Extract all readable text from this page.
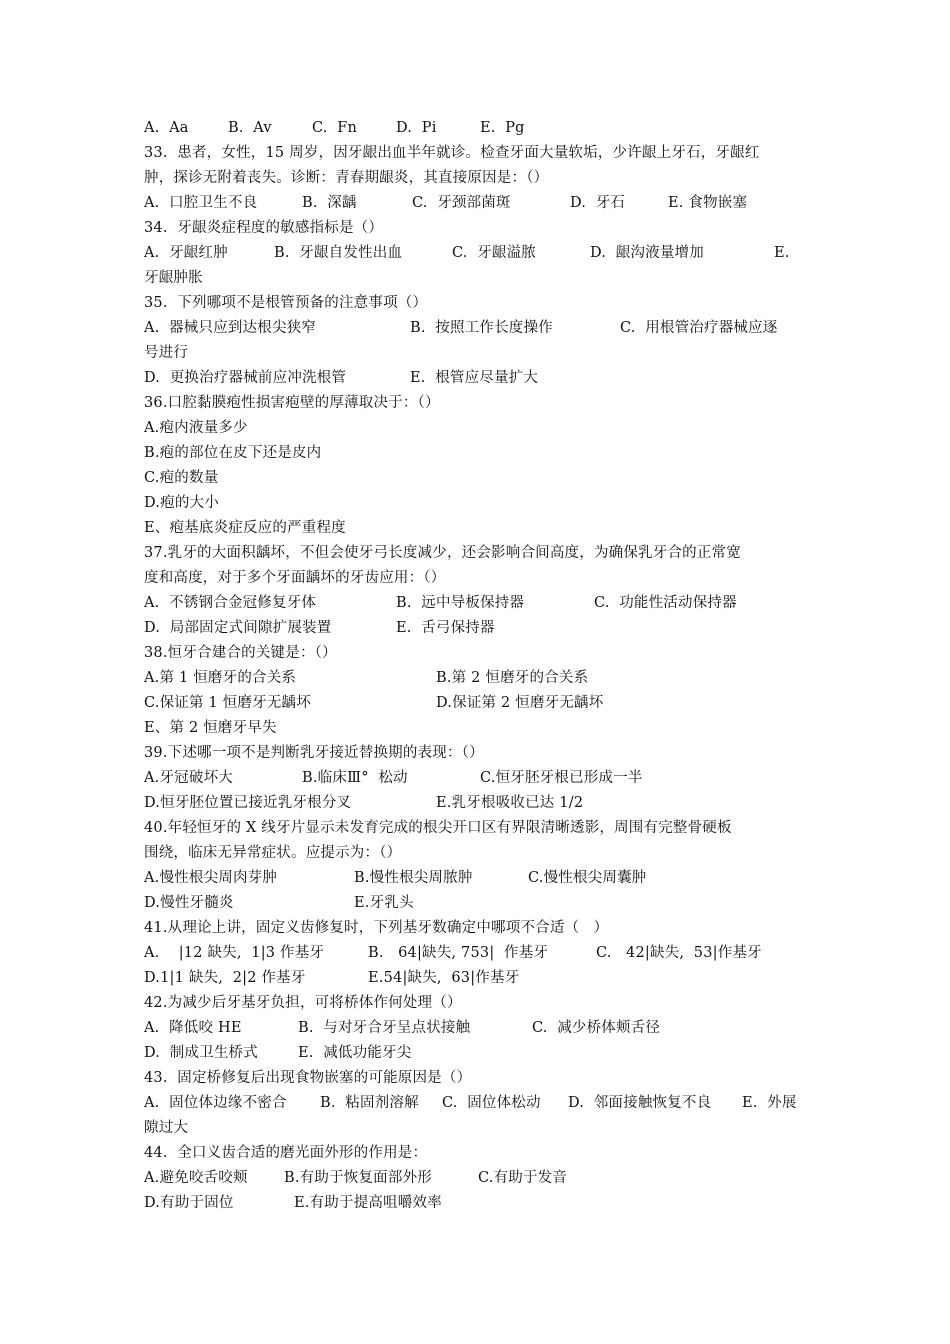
A.  Aa

	B.  Av

	C.  Fn

	D.  Pi

	E.  Pg

33.  患者，女性，15 周岁，因牙龈出血半年就诊。检查牙面大量软垢，少许龈上牙石，牙龈红

肿，探诊无附着丧失。诊断：青春期龈炎，其直接原因是：（）

A.  口腔卫生不良

	B.  深龋

	C.  牙颈部菌斑

	D.  牙石

	E. 食物嵌塞

34.  牙龈炎症程度的敏感指标是（）

A.  牙龈红肿

	B.  牙龈自发性出血

	C.  牙龈溢脓

	D.  龈沟液量增加

	E.

牙龈肿胀

35.  下列哪项不是根管预备的注意事项（）

A.  器械只应到达根尖狭窄

	B.  按照工作长度操作

	C.  用根管治疗器械应逐

号进行

D.  更换治疗器械前应冲洗根管

	E.  根管应尽量扩大

36.口腔黏膜疱性损害疱壁的厚薄取决于：（）

A.疱内液量多少

B.疱的部位在皮下还是皮内

C.疱的数量

D.疱的大小

E、疱基底炎症反应的严重程度

37.乳牙的大面积龋坏，不但会使牙弓长度减少，还会影响合间高度，为确保乳牙合的正常宽

度和高度，对于多个牙面龋坏的牙齿应用：（）

A.  不锈钢合金冠修复牙体

	B.  远中导板保持器

	C.  功能性活动保持器

D.  局部固定式间隙扩展装置

	E.  舌弓保持器

38.恒牙合建合的关键是：（）

A.第 1 恒磨牙的合关系

	B.第 2 恒磨牙的合关系

C.保证第 1 恒磨牙无龋坏

	D.保证第 2 恒磨牙无龋坏

E、第 2 恒磨牙早失

39.下述哪一项不是判断乳牙接近替换期的表现：（）

A.牙冠破坏大

	B.临床Ⅲ°  松动

	C.恒牙胚牙根已形成一半

D.恒牙胚位置已接近乳牙根分叉

	E.乳牙根吸收已达 1/2

40.年轻恒牙的 X 线牙片显示未发育完成的根尖开口区有界限清晰透影，周围有完整骨硬板

围绕，临床无异常症状。应提示为：（）

A.慢性根尖周肉芽肿

	B.慢性根尖周脓肿

	C.慢性根尖周囊肿

D.慢性牙髓炎

	E.牙乳头

41.从理论上讲，固定义齿修复时，下列基牙数确定中哪项不合适（   ）

A.    |12 缺失,  1|3 作基牙

	B.   64|缺失, 753|  作基牙

	C.   42|缺失,  53|作基牙

D.1|1 缺失,  2|2 作基牙

	E.54|缺失,  63|作基牙

42.为减少后牙基牙负担，可将桥体作何处理（）

A.  降低咬 HE

	B.  与对牙合牙呈点状接触

	C.  减少桥体颊舌径

D.  制成卫生桥式

	E.  减低功能牙尖

43.  固定桥修复后出现食物嵌塞的可能原因是（）

A.  固位体边缘不密合

B.  粘固剂溶解

C.  固位体松动

D.  邻面接触恢复不良

E.  外展

隙过大

44.  全口义齿合适的磨光面外形的作用是：

A.避免咬舌咬颊

	B.有助于恢复面部外形

	C.有助于发音

D.有助于固位

	E.有助于提高咀嚼效率
